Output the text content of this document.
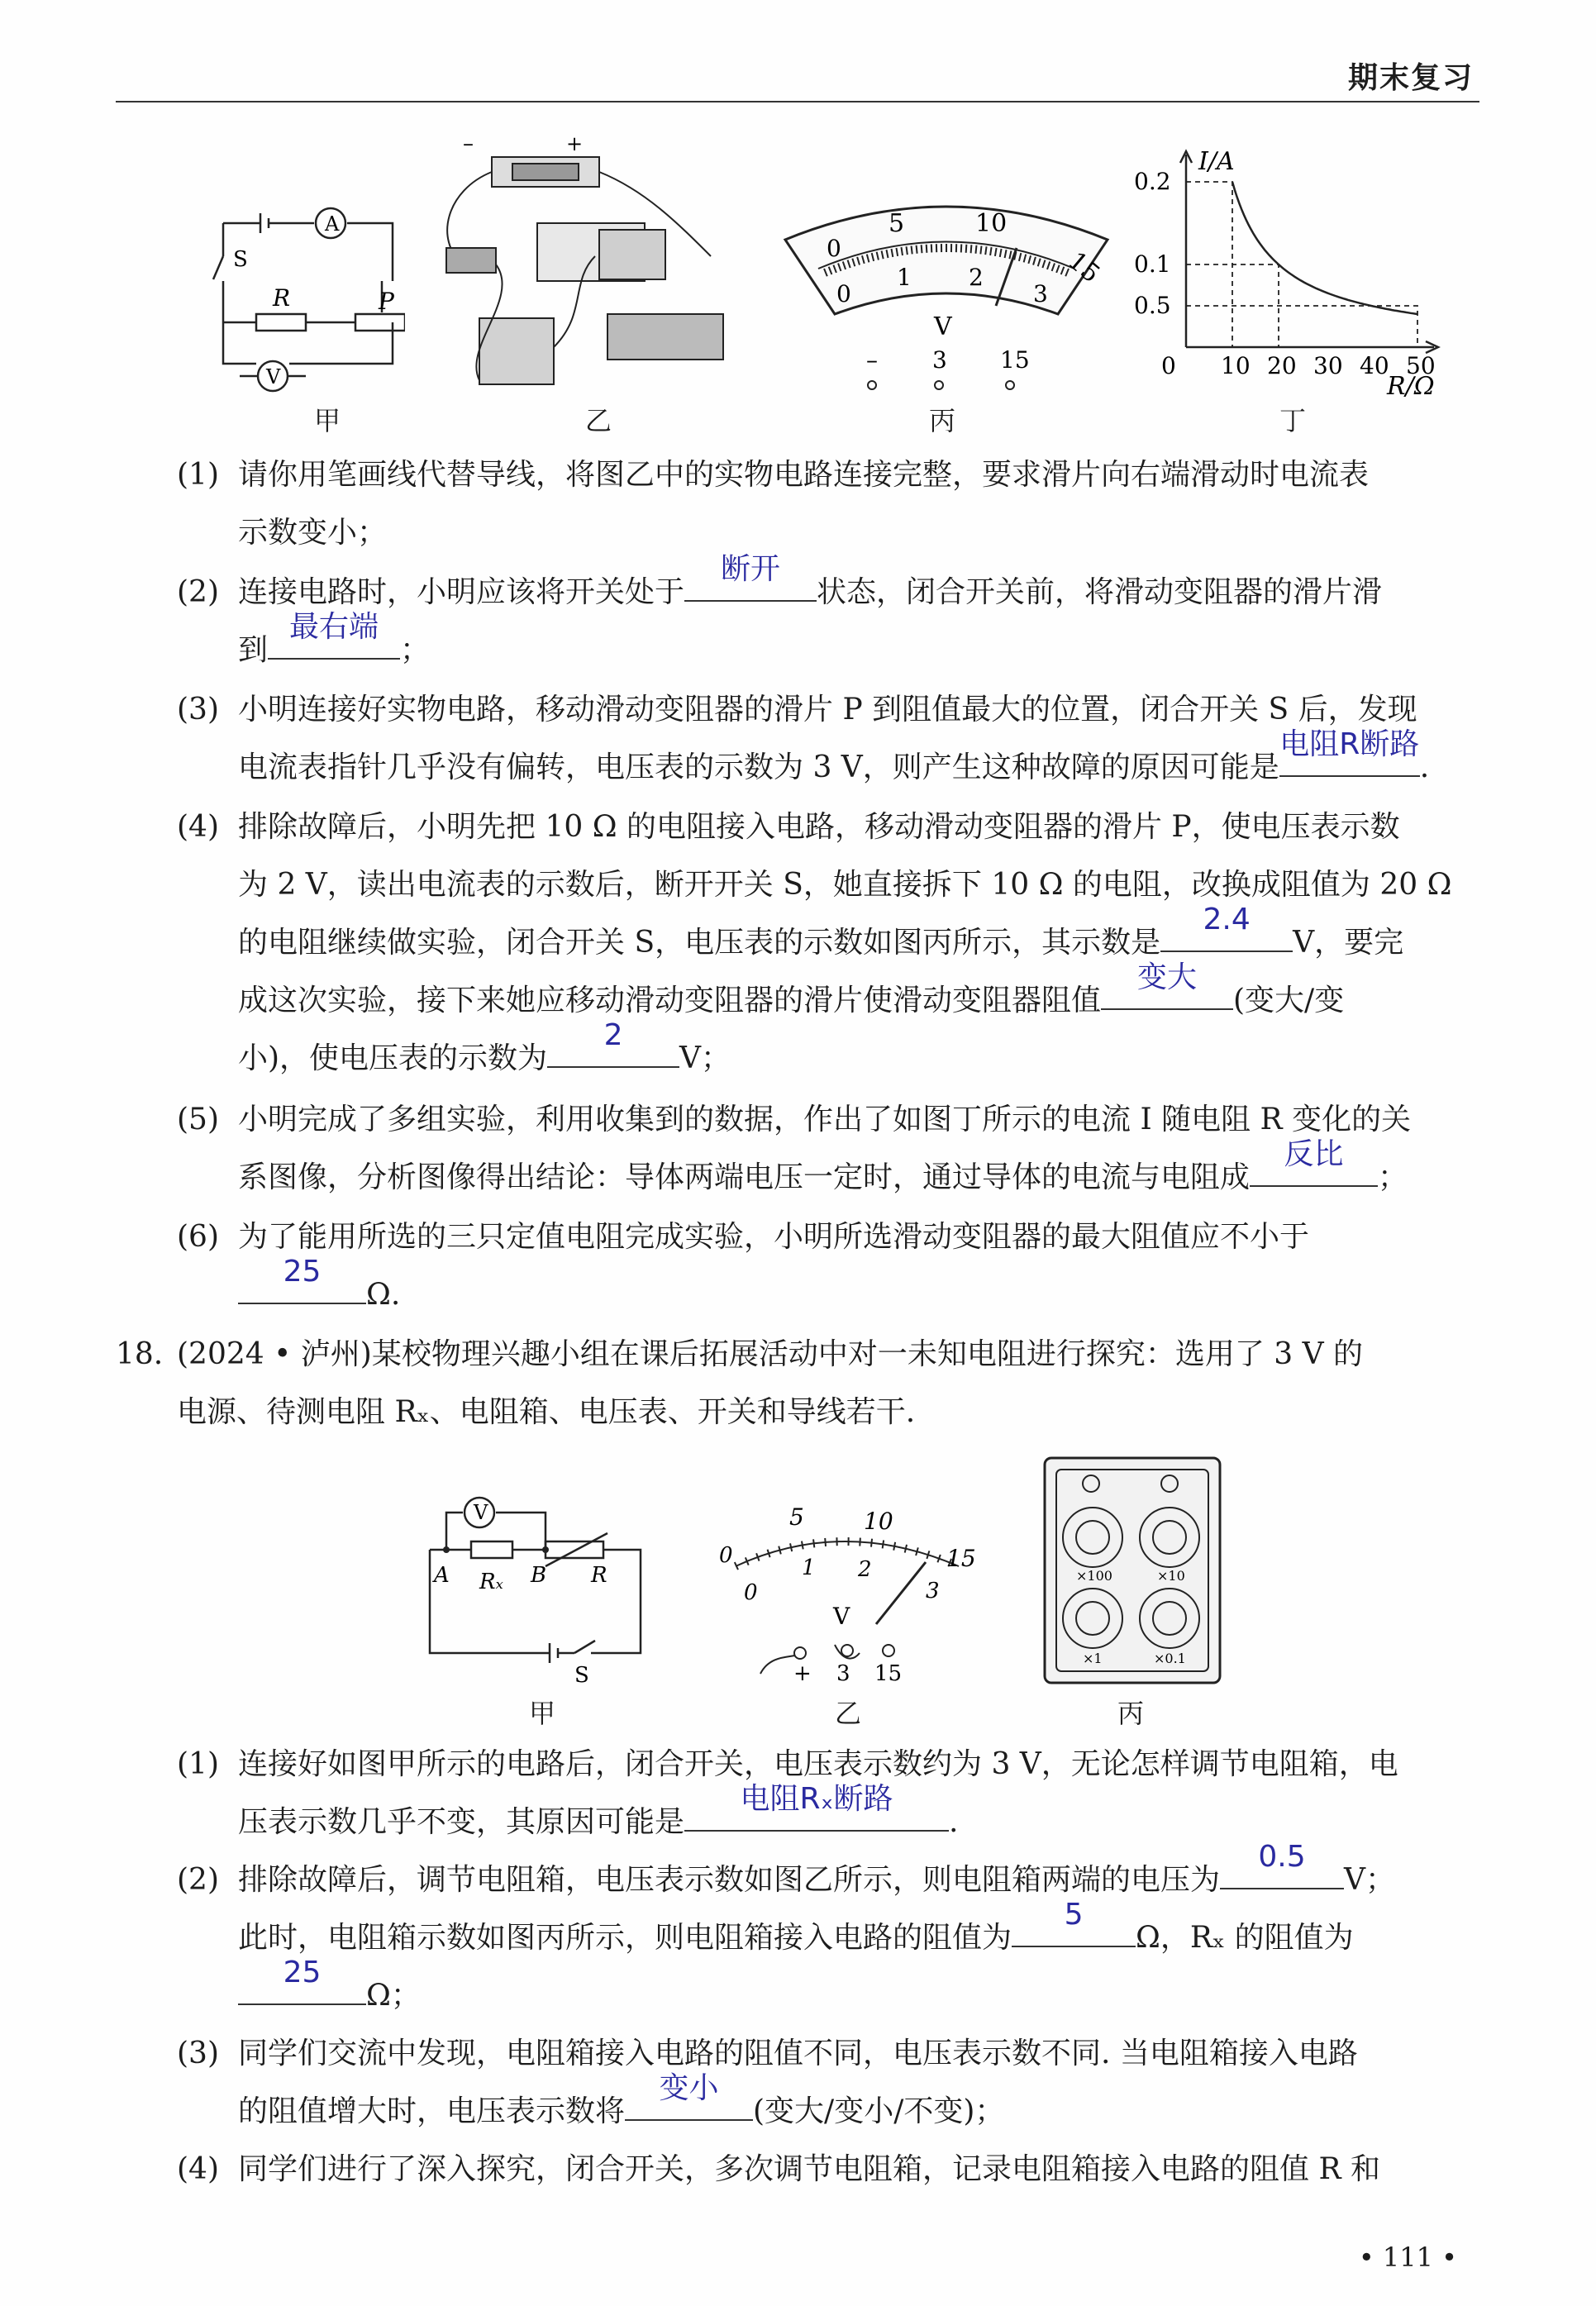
期末复习
A
S
R	P
V
甲
–	+
乙
5	10
15
0
0
1 2
3
V
– 3 15
丙
I/A
R/Ω
0.2
0.1
0.5
0 10 20 30 40 50
丁
(1) 请你用笔画线代替导线，将图乙中的实物电路连接完整，要求滑片向右端滑动时电流表
示数变小；
(2) 连接电路时，小明应该将开关处于
断开
状态，闭合开关前，将滑动变阻器的滑片滑
到
最右端
；
(3) 小明连接好实物电路，移动滑动变阻器的滑片 P 到阻值最大的位置，闭合开关 S 后，发现
电流表指针几乎没有偏转，电压表的示数为 3 V，则产生这种故障的原因可能是
电阻R断路
.
(4) 排除故障后，小明先把 10 Ω 的电阻接入电路，移动滑动变阻器的滑片 P，使电压表示数
为 2 V，读出电流表的示数后，断开开关 S，她直接拆下 10 Ω 的电阻，改换成阻值为 20 Ω
的电阻继续做实验，闭合开关 S，电压表的示数如图丙所示，其示数是
2.4
V，要完
成这次实验，接下来她应移动滑动变阻器的滑片使滑动变阻器阻值
变大
(变大/变
小)，使电压表的示数为
2
V；
(5) 小明完成了多组实验，利用收集到的数据，作出了如图丁所示的电流 I 随电阻 R 变化的关
系图像，分析图像得出结论：导体两端电压一定时，通过导体的电流与电阻成
反比
；
(6) 为了能用所选的三只定值电阻完成实验，小明所选滑动变阻器的最大阻值应不小于

25
Ω.
18. (2024 • 泸州)某校物理兴趣小组在课后拓展活动中对一未知电阻进行探究：选用了 3 V 的
电源、待测电阻 Rₓ、电阻箱、电压表、开关和导线若干.
V
A Rₓ B R
S
甲
5	10
15
0
0
1 2
3
V
+ 3 15
乙
×100	×10
×1	×0.1
丙
(1) 连接好如图甲所示的电路后，闭合开关，电压表示数约为 3 V，无论怎样调节电阻箱，电
压表示数几乎不变，其原因可能是
电阻Rₓ断路
.
(2) 排除故障后，调节电阻箱，电压表示数如图乙所示，则电阻箱两端的电压为
0.5
V；
此时，电阻箱示数如图丙所示，则电阻箱接入电路的阻值为
5
Ω，Rₓ 的阻值为

25
Ω；
(3) 同学们交流中发现，电阻箱接入电路的阻值不同，电压表示数不同. 当电阻箱接入电路
的阻值增大时，电压表示数将
变小
(变大/变小/不变)；
(4) 同学们进行了深入探究，闭合开关，多次调节电阻箱，记录电阻箱接入电路的阻值 R 和
• 111 •
